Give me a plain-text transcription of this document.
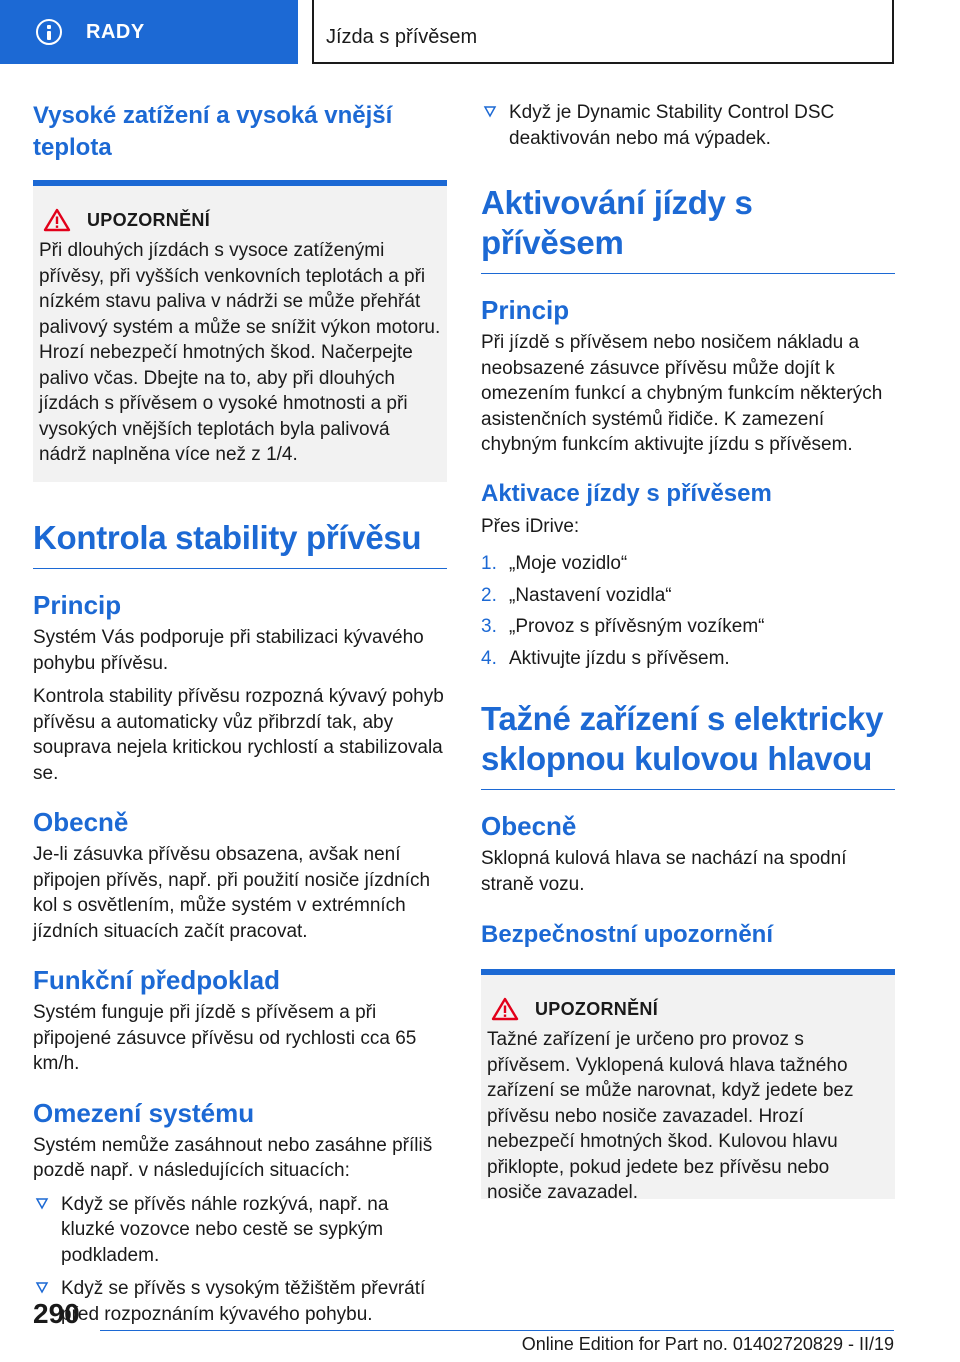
RADY	Jízda s přívěsem
Vysoké zatížení a vysoká vnější teplota
UPOZORNĚNÍ

Při dlouhých jízdách s vysoce zatíženými přívěsy, při vyšších venkovních teplotách a při nízkém stavu paliva v nádrži se může přehřát palivový systém a může se snížit výkon motoru. Hrozí nebezpečí hmotných škod. Načerpejte palivo včas. Dbejte na to, aby při dlouhých jízdách s přívěsem o vysoké hmotnosti a při vysokých vnějších teplotách byla palivová nádrž naplněna více než z 1/4.

Kontrola stability přívěsu
Princip

Systém Vás podporuje při stabilizaci kývavého pohybu přívěsu.

Kontrola stability přívěsu rozpozná kývavý pohyb přívěsu a automaticky vůz přibrzdí tak, aby souprava nejela kritickou rychlostí a stabilizovala se.

Obecně

Je-li zásuvka přívěsu obsazena, avšak není připojen přívěs, např. při použití nosiče jízdních kol s osvětlením, může systém v extrémních jízdních situacích začít pracovat.

Funkční předpoklad

Systém funguje při jízdě s přívěsem a při připojené zásuvce přívěsu od rychlosti cca 65 km/h.

Omezení systému

Systém nemůže zasáhnout nebo zasáhne příliš pozdě např. v následujících situacích:

Když se přívěs náhle rozkývá, např. na kluzké vozovce nebo cestě se sypkým podkladem.
Když se přívěs s vysokým těžištěm převrátí před rozpoznáním kývavého pohybu.
Když je Dynamic Stability Control DSC deaktivován nebo má výpadek.
Aktivování jízdy s přívěsem
Princip

Při jízdě s přívěsem nebo nosičem nákladu a neobsazené zásuvce přívěsu může dojít k omezením funkcí a chybným funkcím některých asistenčních systémů řidiče. K zamezení chybným funkcím aktivujte jízdu s přívěsem.

Aktivace jízdy s přívěsem

Přes iDrive:

1. „Moje vozidlo“
2. „Nastavení vozidla“
3. „Provoz s přívěsným vozíkem“
4. Aktivujte jízdu s přívěsem.
Tažné zařízení s elektricky sklopnou kulovou hlavou
Obecně

Sklopná kulová hlava se nachází na spodní straně vozu.

Bezpečnostní upozornění
UPOZORNĚNÍ

Tažné zařízení je určeno pro provoz s přívěsem. Vyklopená kulová hlava tažného zařízení se může narovnat, když jedete bez přívěsu nebo nosiče zavazadel. Hrozí nebezpečí hmotných škod. Kulovou hlavu přiklopte, pokud jedete bez přívěsu nebo nosiče zavazadel.

290
Online Edition for Part no. 01402720829 - II/19
